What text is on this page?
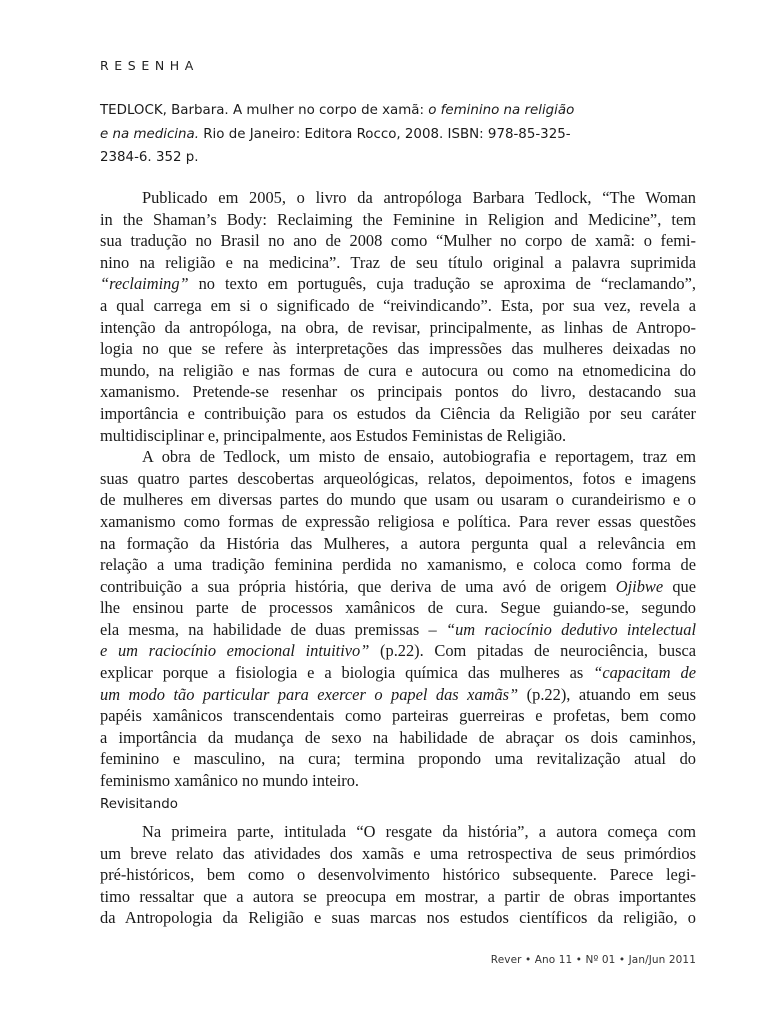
RESENHA
TEDLOCK, Barbara. A mulher no corpo de xamã: o feminino na religião
e na medicina. Rio de Janeiro: Editora Rocco, 2008. ISBN: 978-85-325-
2384-6. 352 p.
Publicado em 2005, o livro da antropóloga Barbara Tedlock, “The Woman
in the Shaman’s Body: Reclaiming the Feminine in Religion and Medicine”, tem
sua tradução no Brasil no ano de 2008 como “Mulher no corpo de xamã: o femi-
nino na religião e na medicina”. Traz de seu título original a palavra suprimida
“reclaiming” no texto em português, cuja tradução se aproxima de “reclamando”,
a qual carrega em si o significado de “reivindicando”. Esta, por sua vez, revela a
intenção da antropóloga, na obra, de revisar, principalmente, as linhas de Antropo-
logia no que se refere às interpretações das impressões das mulheres deixadas no
mundo, na religião e nas formas de cura e autocura ou como na etnomedicina do
xamanismo. Pretende-se resenhar os principais pontos do livro, destacando sua
importância e contribuição para os estudos da Ciência da Religião por seu caráter
multidisciplinar e, principalmente, aos Estudos Feministas de Religião.
A obra de Tedlock, um misto de ensaio, autobiografia e reportagem, traz em
suas quatro partes descobertas arqueológicas, relatos, depoimentos, fotos e imagens
de mulheres em diversas partes do mundo que usam ou usaram o curandeirismo e o
xamanismo como formas de expressão religiosa e política. Para rever essas questões
na formação da História das Mulheres, a autora pergunta qual a relevância em
relação a uma tradição feminina perdida no xamanismo, e coloca como forma de
contribuição a sua própria história, que deriva de uma avó de origem Ojibwe que
lhe ensinou parte de processos xamânicos de cura. Segue guiando-se, segundo
ela mesma, na habilidade de duas premissas – “um raciocínio dedutivo intelectual
e um raciocínio emocional intuitivo” (p.22). Com pitadas de neurociência, busca
explicar porque a fisiologia e a biologia química das mulheres as “capacitam de
um modo tão particular para exercer o papel das xamãs” (p.22), atuando em seus
papéis xamânicos transcendentais como parteiras guerreiras e profetas, bem como
a importância da mudança de sexo na habilidade de abraçar os dois caminhos,
feminino e masculino, na cura; termina propondo uma revitalização atual do
feminismo xamânico no mundo inteiro.
Revisitando
Na primeira parte, intitulada “O resgate da história”, a autora começa com
um breve relato das atividades dos xamãs e uma retrospectiva de seus primórdios
pré-históricos, bem como o desenvolvimento histórico subsequente. Parece legi-
timo ressaltar que a autora se preocupa em mostrar, a partir de obras importantes
da Antropologia da Religião e suas marcas nos estudos científicos da religião, o
Rever • Ano 11 • Nº 01 • Jan/Jun 2011
